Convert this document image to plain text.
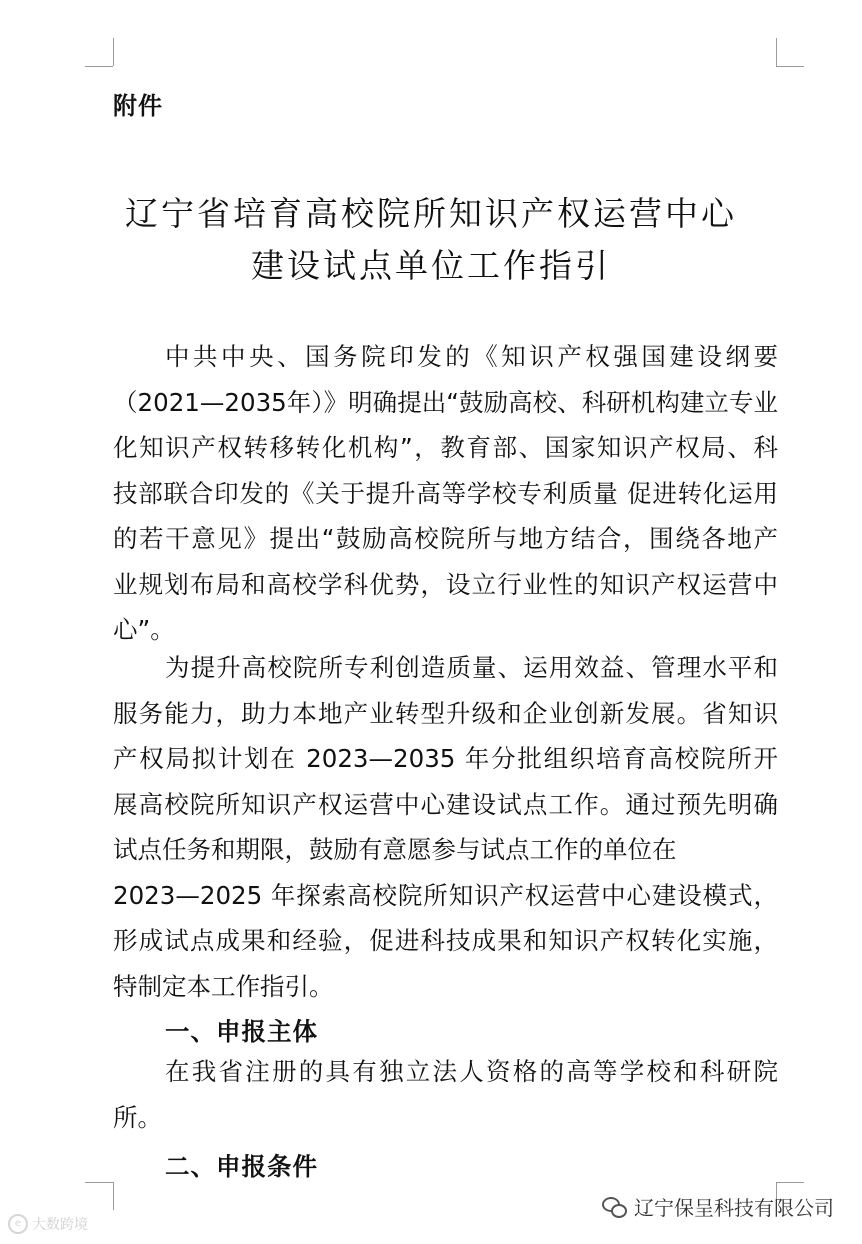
附件
辽宁省培育高校院所知识产权运营中心
建设试点单位工作指引
中共中央、国务院印发的《知识产权强国建设纲要
（2021—2035年）》明确提出“鼓励高校、科研机构建立专业
化知识产权转移转化机构”，教育部、国家知识产权局、科
技部联合印发的《关于提升高等学校专利质量 促进转化运用
的若干意见》提出“鼓励高校院所与地方结合，围绕各地产
业规划布局和高校学科优势，设立行业性的知识产权运营中
心”。
为提升高校院所专利创造质量、运用效益、管理水平和
服务能力，助力本地产业转型升级和企业创新发展。省知识
产权局拟计划在 2023—2035 年分批组织培育高校院所开
展高校院所知识产权运营中心建设试点工作。通过预先明确
试点任务和期限，鼓励有意愿参与试点工作的单位在
2023—2025 年探索高校院所知识产权运营中心建设模式，
形成试点成果和经验，促进科技成果和知识产权转化实施，
特制定本工作指引。
一、申报主体
在我省注册的具有独立法人资格的高等学校和科研院
所。
二、申报条件
e 大数跨境
辽宁保呈科技有限公司
